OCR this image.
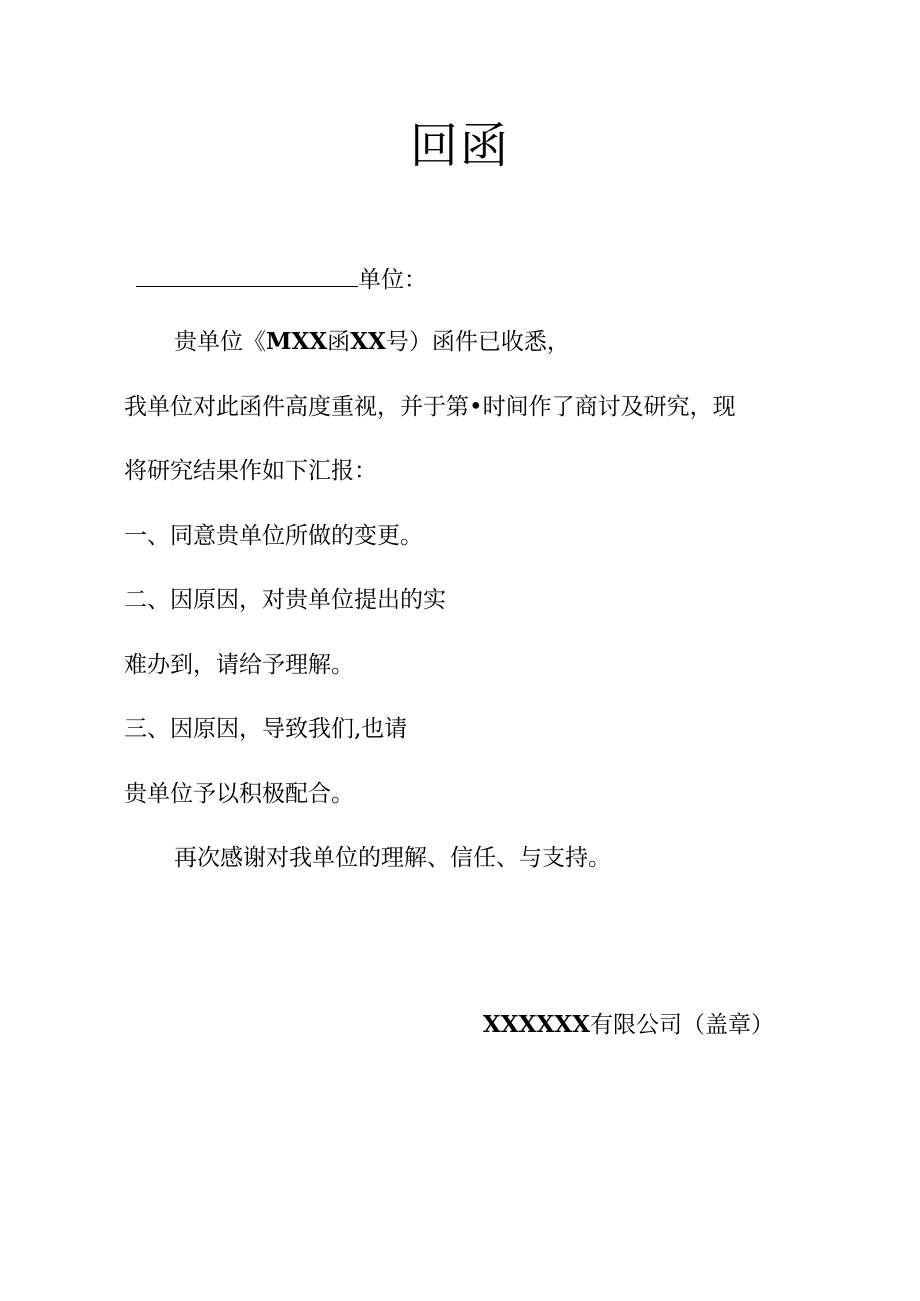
回函
单位：
贵单位《MXX函XX号）函件已收悉，
我单位对此函件高度重视，并于第•时间作了商讨及研究，现
将研究结果作如下汇报：
一、同意贵单位所做的变更。
二、因原因，对贵单位提出的实
难办到，请给予理解。
三、因原因，导致我们,也请
贵单位予以积极配合。
再次感谢对我单位的理解、信任、与支持。
XXXXXX有限公司（盖章）
